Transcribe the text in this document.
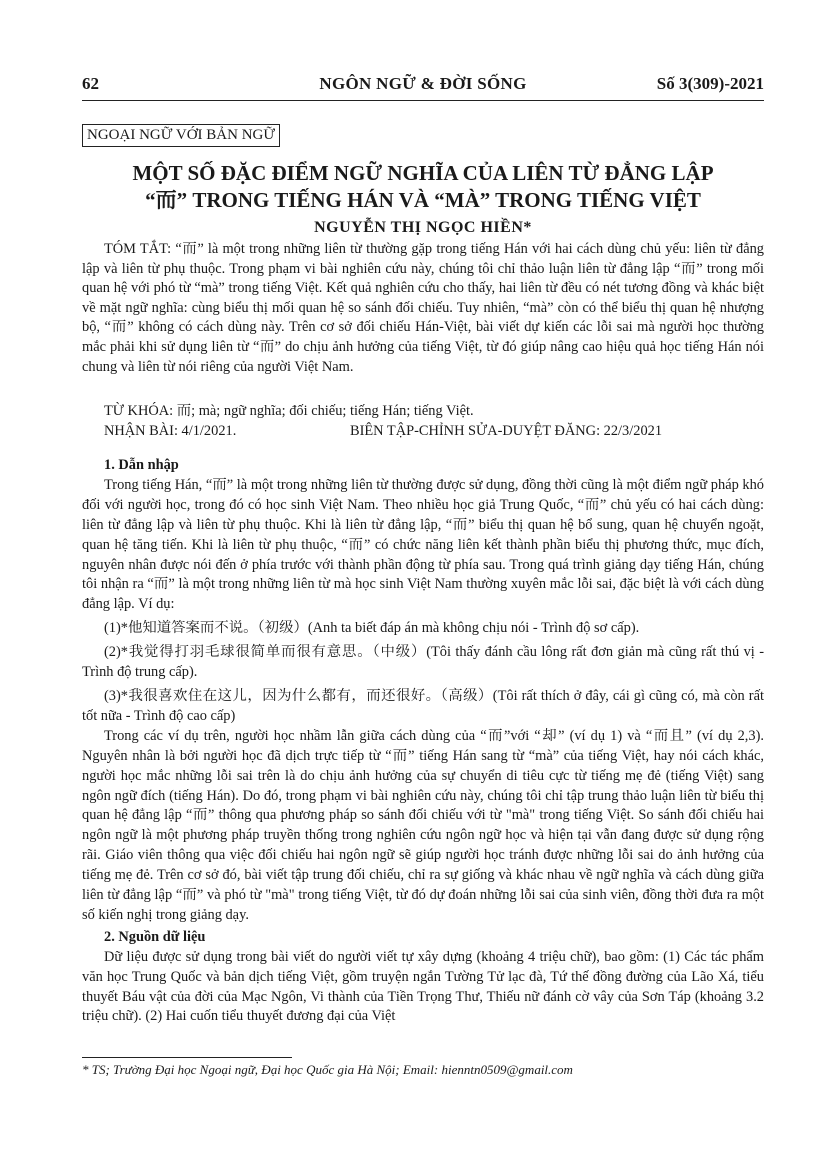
62	NGÔN NGỮ & ĐỜI SỐNG	Số 3(309)-2021
NGOẠI NGỮ VỚI BẢN NGỮ
MỘT SỐ ĐẶC ĐIỂM NGỮ NGHĨA CỦA LIÊN TỪ ĐẲNG LẬP
“而” TRONG TIẾNG HÁN VÀ “MÀ” TRONG TIẾNG VIỆT
NGUYỄN THỊ NGỌC HIỀN*

TÓM TẮT: “而” là một trong những liên từ thường gặp trong tiếng Hán với hai cách dùng chủ yếu: liên từ đẳng lập và liên từ phụ thuộc. Trong phạm vi bài nghiên cứu này, chúng tôi chỉ thảo luận liên từ đẳng lập “而” trong mối quan hệ với phó từ “mà” trong tiếng Việt. Kết quả nghiên cứu cho thấy, hai liên từ đều có nét tương đồng và khác biệt về mặt ngữ nghĩa: cùng biểu thị mối quan hệ so sánh đối chiếu. Tuy nhiên, “mà” còn có thể biểu thị quan hệ nhượng bộ, “而” không có cách dùng này. Trên cơ sở đối chiếu Hán-Việt, bài viết dự kiến các lỗi sai mà người học thường mắc phải khi sử dụng liên từ “而” do chịu ảnh hưởng của tiếng Việt, từ đó giúp nâng cao hiệu quả học tiếng Hán nói chung và liên từ nói riêng của người Việt Nam.

TỪ KHÓA: 而; mà; ngữ nghĩa; đối chiếu; tiếng Hán; tiếng Việt.
NHẬN BÀI: 4/1/2021.	BIÊN TẬP-CHỈNH SỬA-DUYỆT ĐĂNG: 22/3/2021
1. Dẫn nhập

Trong tiếng Hán, “而” là một trong những liên từ thường được sử dụng, đồng thời cũng là một điểm ngữ pháp khó đối với người học, trong đó có học sinh Việt Nam. Theo nhiều học giả Trung Quốc, “而” chủ yếu có hai cách dùng: liên từ đẳng lập và liên từ phụ thuộc. Khi là liên từ đẳng lập, “而” biểu thị quan hệ bổ sung, quan hệ chuyển ngoặt, quan hệ tăng tiến. Khi là liên từ phụ thuộc, “而” có chức năng liên kết thành phần biểu thị phương thức, mục đích, nguyên nhân được nói đến ở phía trước với thành phần động từ phía sau. Trong quá trình giảng dạy tiếng Hán, chúng tôi nhận ra “而” là một trong những liên từ mà học sinh Việt Nam thường xuyên mắc lỗi sai, đặc biệt là với cách dùng đẳng lập. Ví dụ:

(1)*他知道答案而不说。（初级）(Anh ta biết đáp án mà không chịu nói - Trình độ sơ cấp).

(2)*我觉得打羽毛球很简单而很有意思。（中级）(Tôi thấy đánh cầu lông rất đơn giản mà cũng rất thú vị - Trình độ trung cấp).

(3)*我很喜欢住在这儿，因为什么都有，而还很好。（高级）(Tôi rất thích ở đây, cái gì cũng có, mà còn rất tốt nữa - Trình độ cao cấp)

Trong các ví dụ trên, người học nhầm lẫn giữa cách dùng của “而”với “却” (ví dụ 1) và “而且” (ví dụ 2,3). Nguyên nhân là bởi người học đã dịch trực tiếp từ “而” tiếng Hán sang từ “mà” của tiếng Việt, hay nói cách khác, người học mắc những lỗi sai trên là do chịu ảnh hưởng của sự chuyển di tiêu cực từ tiếng mẹ đẻ (tiếng Việt) sang ngôn ngữ đích (tiếng Hán). Do đó, trong phạm vi bài nghiên cứu này, chúng tôi chỉ tập trung thảo luận liên từ biểu thị quan hệ đẳng lập “而” thông qua phương pháp so sánh đối chiếu với từ "mà" trong tiếng Việt. So sánh đối chiếu hai ngôn ngữ là một phương pháp truyền thống trong nghiên cứu ngôn ngữ học và hiện tại vẫn đang được sử dụng rộng rãi. Giáo viên thông qua việc đối chiếu hai ngôn ngữ sẽ giúp người học tránh được những lỗi sai do ảnh hưởng của tiếng mẹ đẻ. Trên cơ sở đó, bài viết tập trung đối chiếu, chỉ ra sự giống và khác nhau về ngữ nghĩa và cách dùng giữa liên từ đẳng lập “而” và phó từ "mà" trong tiếng Việt, từ đó dự đoán những lỗi sai của sinh viên, đồng thời đưa ra một số kiến nghị trong giảng dạy.

2. Nguồn dữ liệu

Dữ liệu được sử dụng trong bài viết do người viết tự xây dựng (khoảng 4 triệu chữ), bao gồm: (1) Các tác phẩm văn học Trung Quốc và bản dịch tiếng Việt, gồm truyện ngắn Tường Tử lạc đà, Tứ thế đồng đường của Lão Xá, tiểu thuyết Báu vật của đời của Mạc Ngôn, Vi thành của Tiền Trọng Thư, Thiếu nữ đánh cờ vây của Sơn Táp (khoảng 3.2 triệu chữ). (2) Hai cuốn tiểu thuyết đương đại của Việt

* TS; Trường Đại học Ngoại ngữ, Đại học Quốc gia Hà Nội; Email: hienntn0509@gmail.com
